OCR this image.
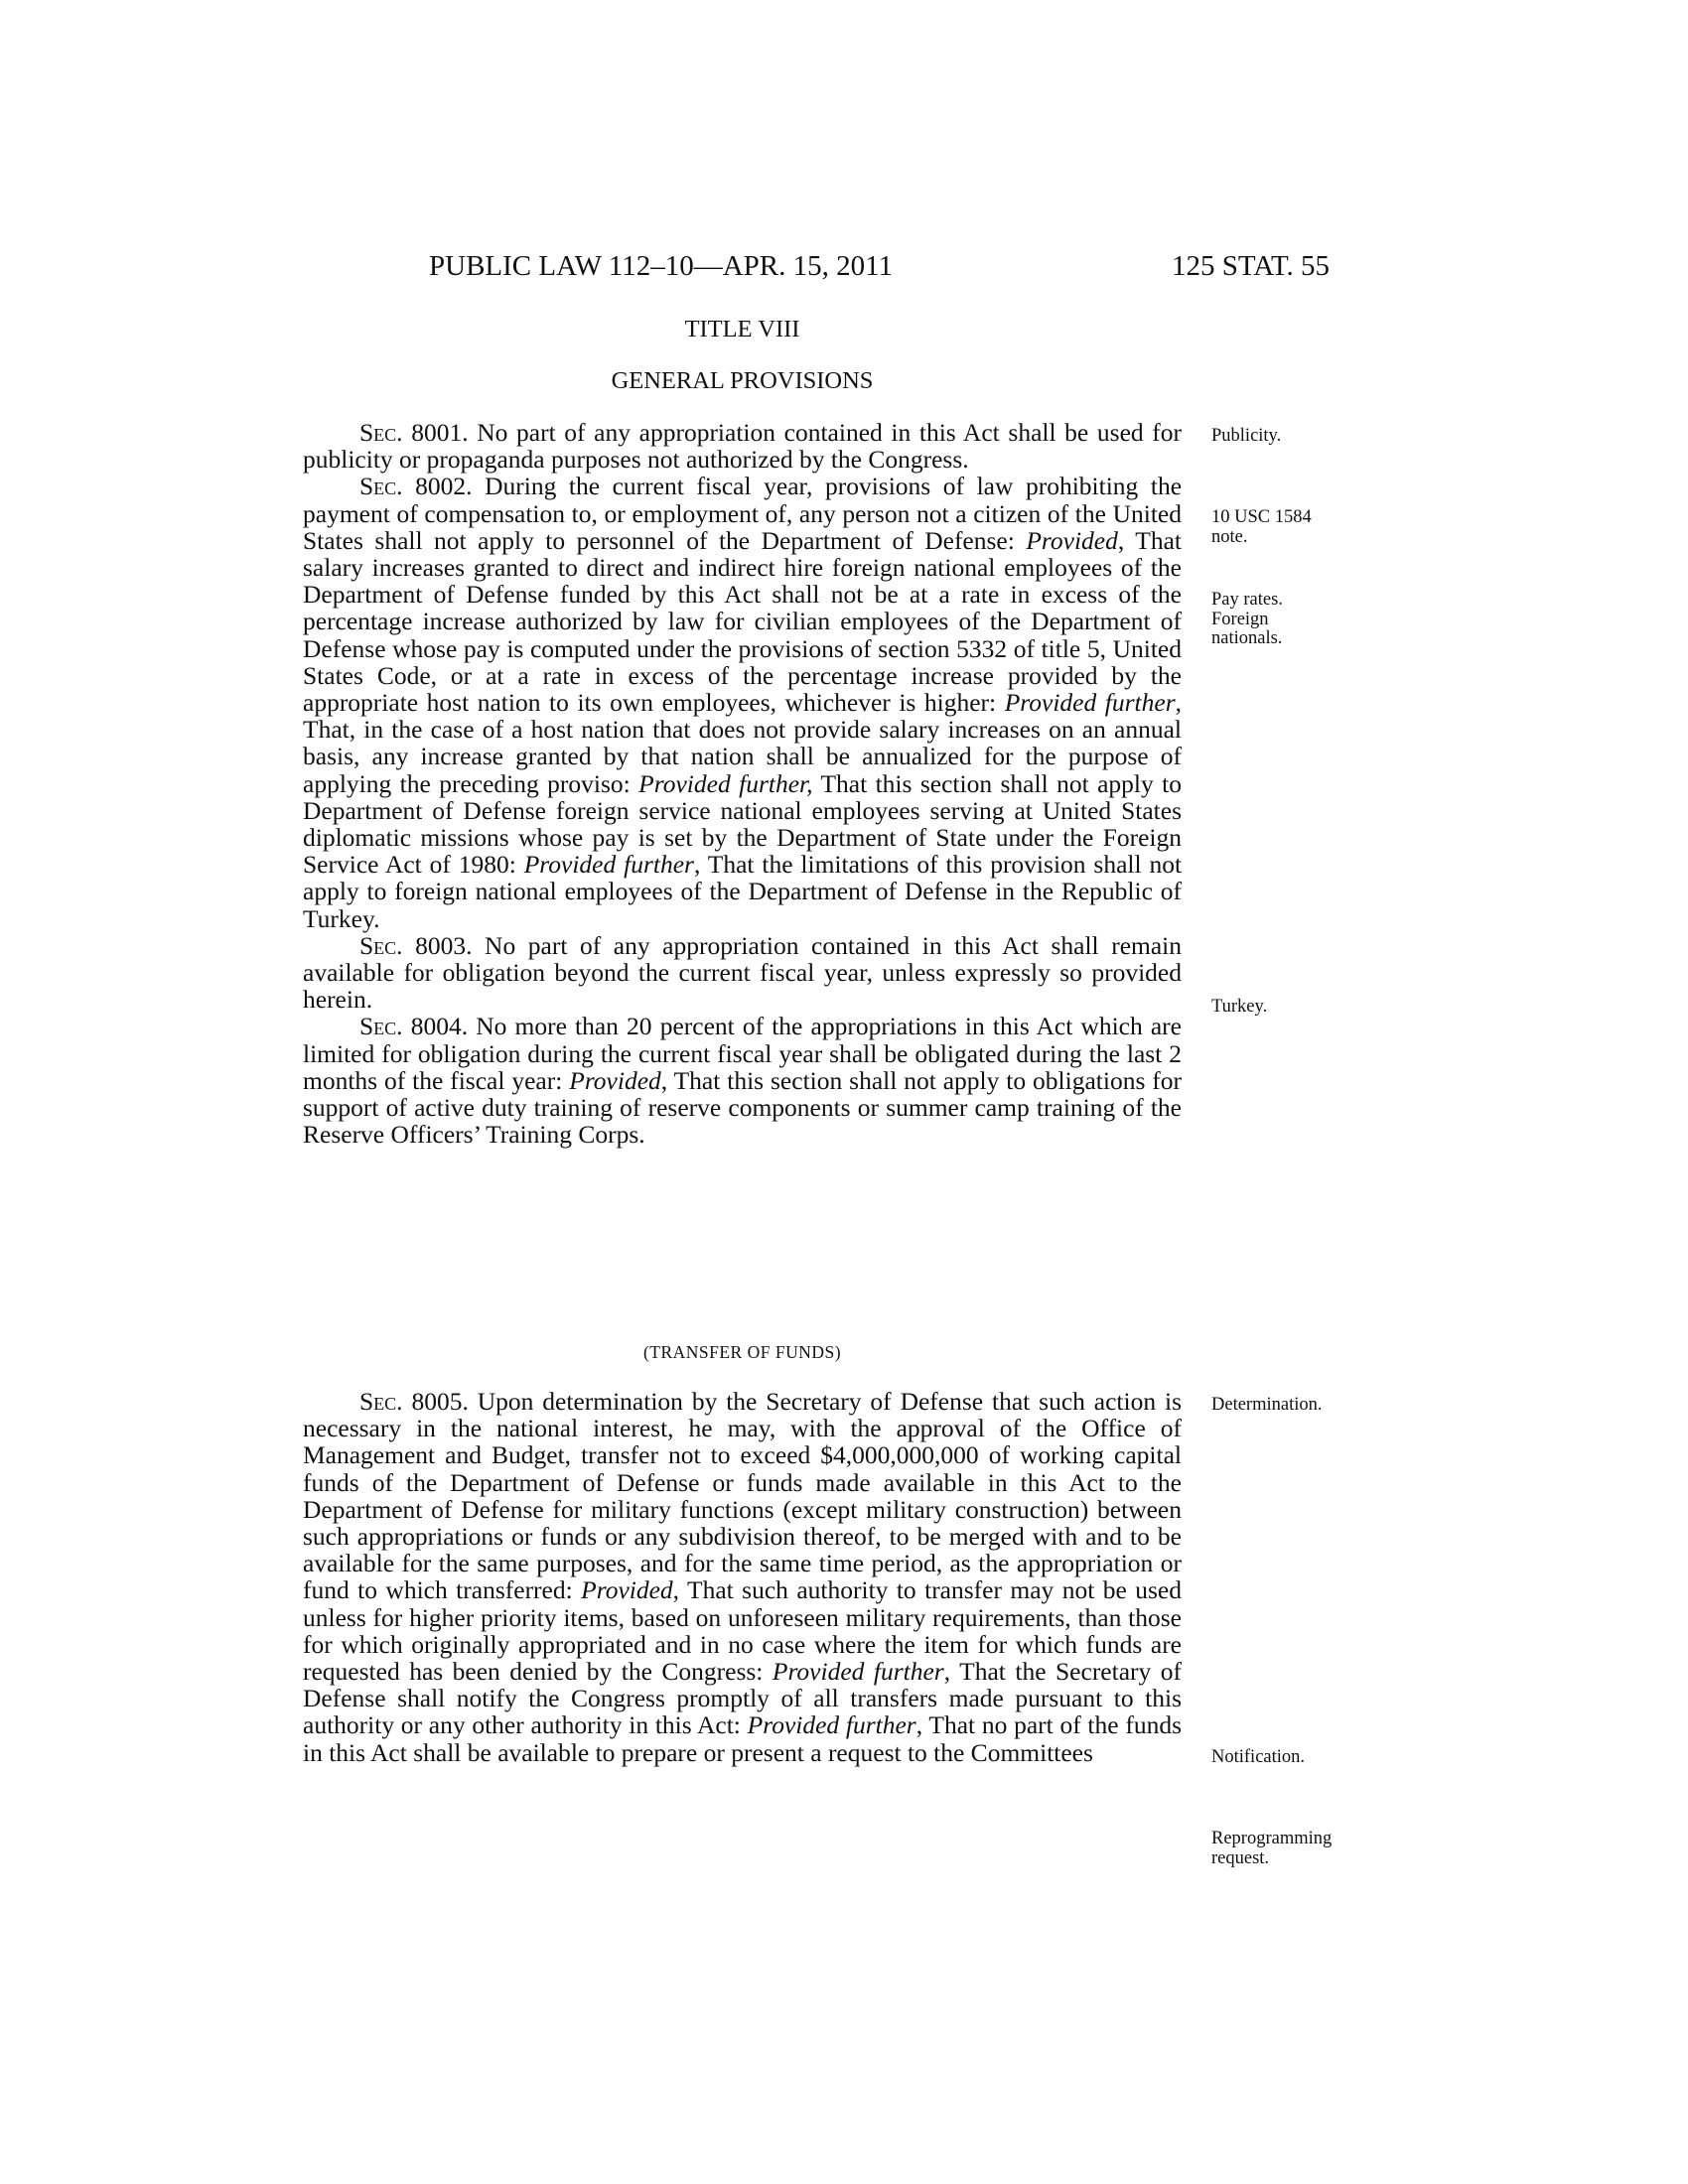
PUBLIC LAW 112–10—APR. 15, 2011	125 STAT. 55
TITLE VIII
GENERAL PROVISIONS

Sec. 8001. No part of any appropriation contained in this Act shall be used for publicity or propaganda purposes not authorized by the Congress.

Sec. 8002. During the current fiscal year, provisions of law prohibiting the payment of compensation to, or employment of, any person not a citizen of the United States shall not apply to personnel of the Department of Defense: Provided, That salary increases granted to direct and indirect hire foreign national employees of the Department of Defense funded by this Act shall not be at a rate in excess of the percentage increase authorized by law for civilian employees of the Department of Defense whose pay is computed under the provisions of section 5332 of title 5, United States Code, or at a rate in excess of the percentage increase provided by the appropriate host nation to its own employees, whichever is higher: Provided further, That, in the case of a host nation that does not provide salary increases on an annual basis, any increase granted by that nation shall be annualized for the purpose of applying the preceding proviso: Provided further, That this section shall not apply to Department of Defense foreign service national employees serving at United States diplomatic missions whose pay is set by the Department of State under the Foreign Service Act of 1980: Provided further, That the limitations of this provision shall not apply to foreign national employees of the Department of Defense in the Republic of Turkey.

Sec. 8003. No part of any appropriation contained in this Act shall remain available for obligation beyond the current fiscal year, unless expressly so provided herein.

Sec. 8004. No more than 20 percent of the appropriations in this Act which are limited for obligation during the current fiscal year shall be obligated during the last 2 months of the fiscal year: Provided, That this section shall not apply to obligations for support of active duty training of reserve components or summer camp training of the Reserve Officers’ Training Corps.

(TRANSFER OF FUNDS)

Sec. 8005. Upon determination by the Secretary of Defense that such action is necessary in the national interest, he may, with the approval of the Office of Management and Budget, transfer not to exceed $4,000,000,000 of working capital funds of the Department of Defense or funds made available in this Act to the Department of Defense for military functions (except military construction) between such appropriations or funds or any subdivision thereof, to be merged with and to be available for the same purposes, and for the same time period, as the appropriation or fund to which transferred: Provided, That such authority to transfer may not be used unless for higher priority items, based on unforeseen military requirements, than those for which originally appropriated and in no case where the item for which funds are requested has been denied by the Congress: Provided further, That the Secretary of Defense shall notify the Congress promptly of all transfers made pursuant to this authority or any other authority in this Act: Provided further, That no part of the funds in this Act shall be available to prepare or present a request to the Committees

Publicity.
10 USC 1584
note.
Pay rates.
Foreign
nationals.
Turkey.
Determination.
Notification.
Reprogramming
request.
